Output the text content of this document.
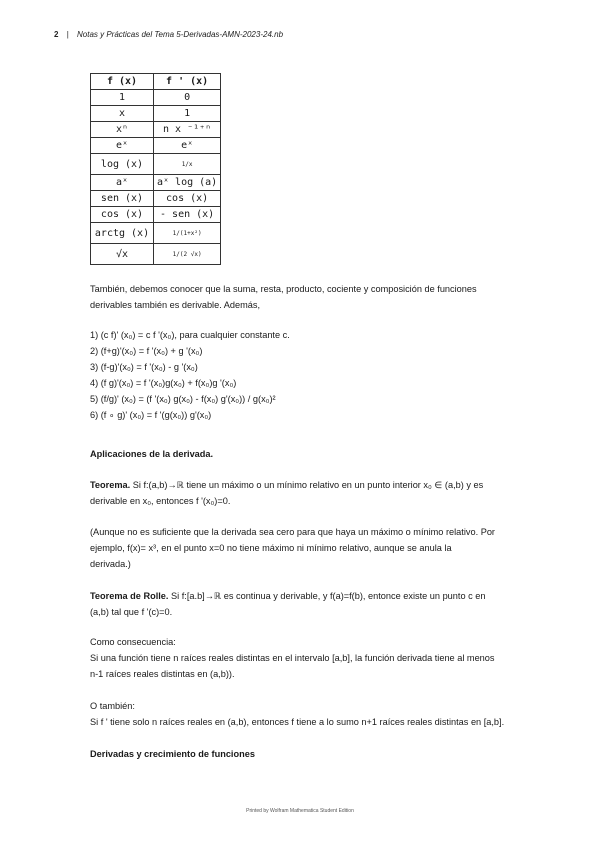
2 | Notas y Prácticas del Tema 5-Derivadas-AMN-2023-24.nb
f (x)	f ' (x)
1	0
x	1
xⁿ	n x ⁻¹⁺ⁿ
eˣ	eˣ
log (x)	1/x
aˣ	aˣ log (a)
sen (x)	cos (x)
cos (x)	- sen (x)
arctg (x)	1/(1+x²)
√x	1/(2 √x)
También, debemos conocer que la suma, resta, producto, cociente y composición de funciones
derivables también es derivable. Además,
1) (c f)' (x₀) = c f '(x₀), para cualquier constante c.
2) (f+g)'(x₀) = f '(x₀) + g '(x₀)
3) (f-g)'(x₀) = f '(x₀) - g '(x₀)
4) (f g)'(x₀) = f '(x₀)g(x₀) + f(x₀)g '(x₀)
5) (f/g)' (x₀) = (f '(x₀) g(x₀) - f(x₀) g'(x₀)) / g(x₀)²
6) (f ∘ g)' (x₀) = f '(g(x₀)) g'(x₀)
Aplicaciones de la derivada.
Teorema. Si f:(a,b)→ℝ tiene un máximo o un mínimo relativo en un punto interior x₀ ∈ (a,b) y es
derivable en x₀, entonces f '(x₀)=0.
(Aunque no es suficiente que la derivada sea cero para que haya un máximo o mínimo relativo. Por
ejemplo, f(x)= x³, en el punto x=0 no tiene máximo ni mínimo relativo, aunque se anula la
derivada.)
Teorema de Rolle. Si f:[a.b]→ℝ es continua y derivable, y f(a)=f(b), entonce existe un punto c en
(a,b) tal que f '(c)=0.
Como consecuencia:
Si una función tiene n raíces reales distintas en el intervalo [a,b], la función derivada tiene al menos
n-1 raíces reales distintas en (a,b)).
O también:
Si f ' tiene solo n raíces reales en (a,b), entonces f tiene a lo sumo n+1 raíces reales distintas en [a,b].
Derivadas y crecimiento de funciones
Printed by Wolfram Mathematica Student Edition
